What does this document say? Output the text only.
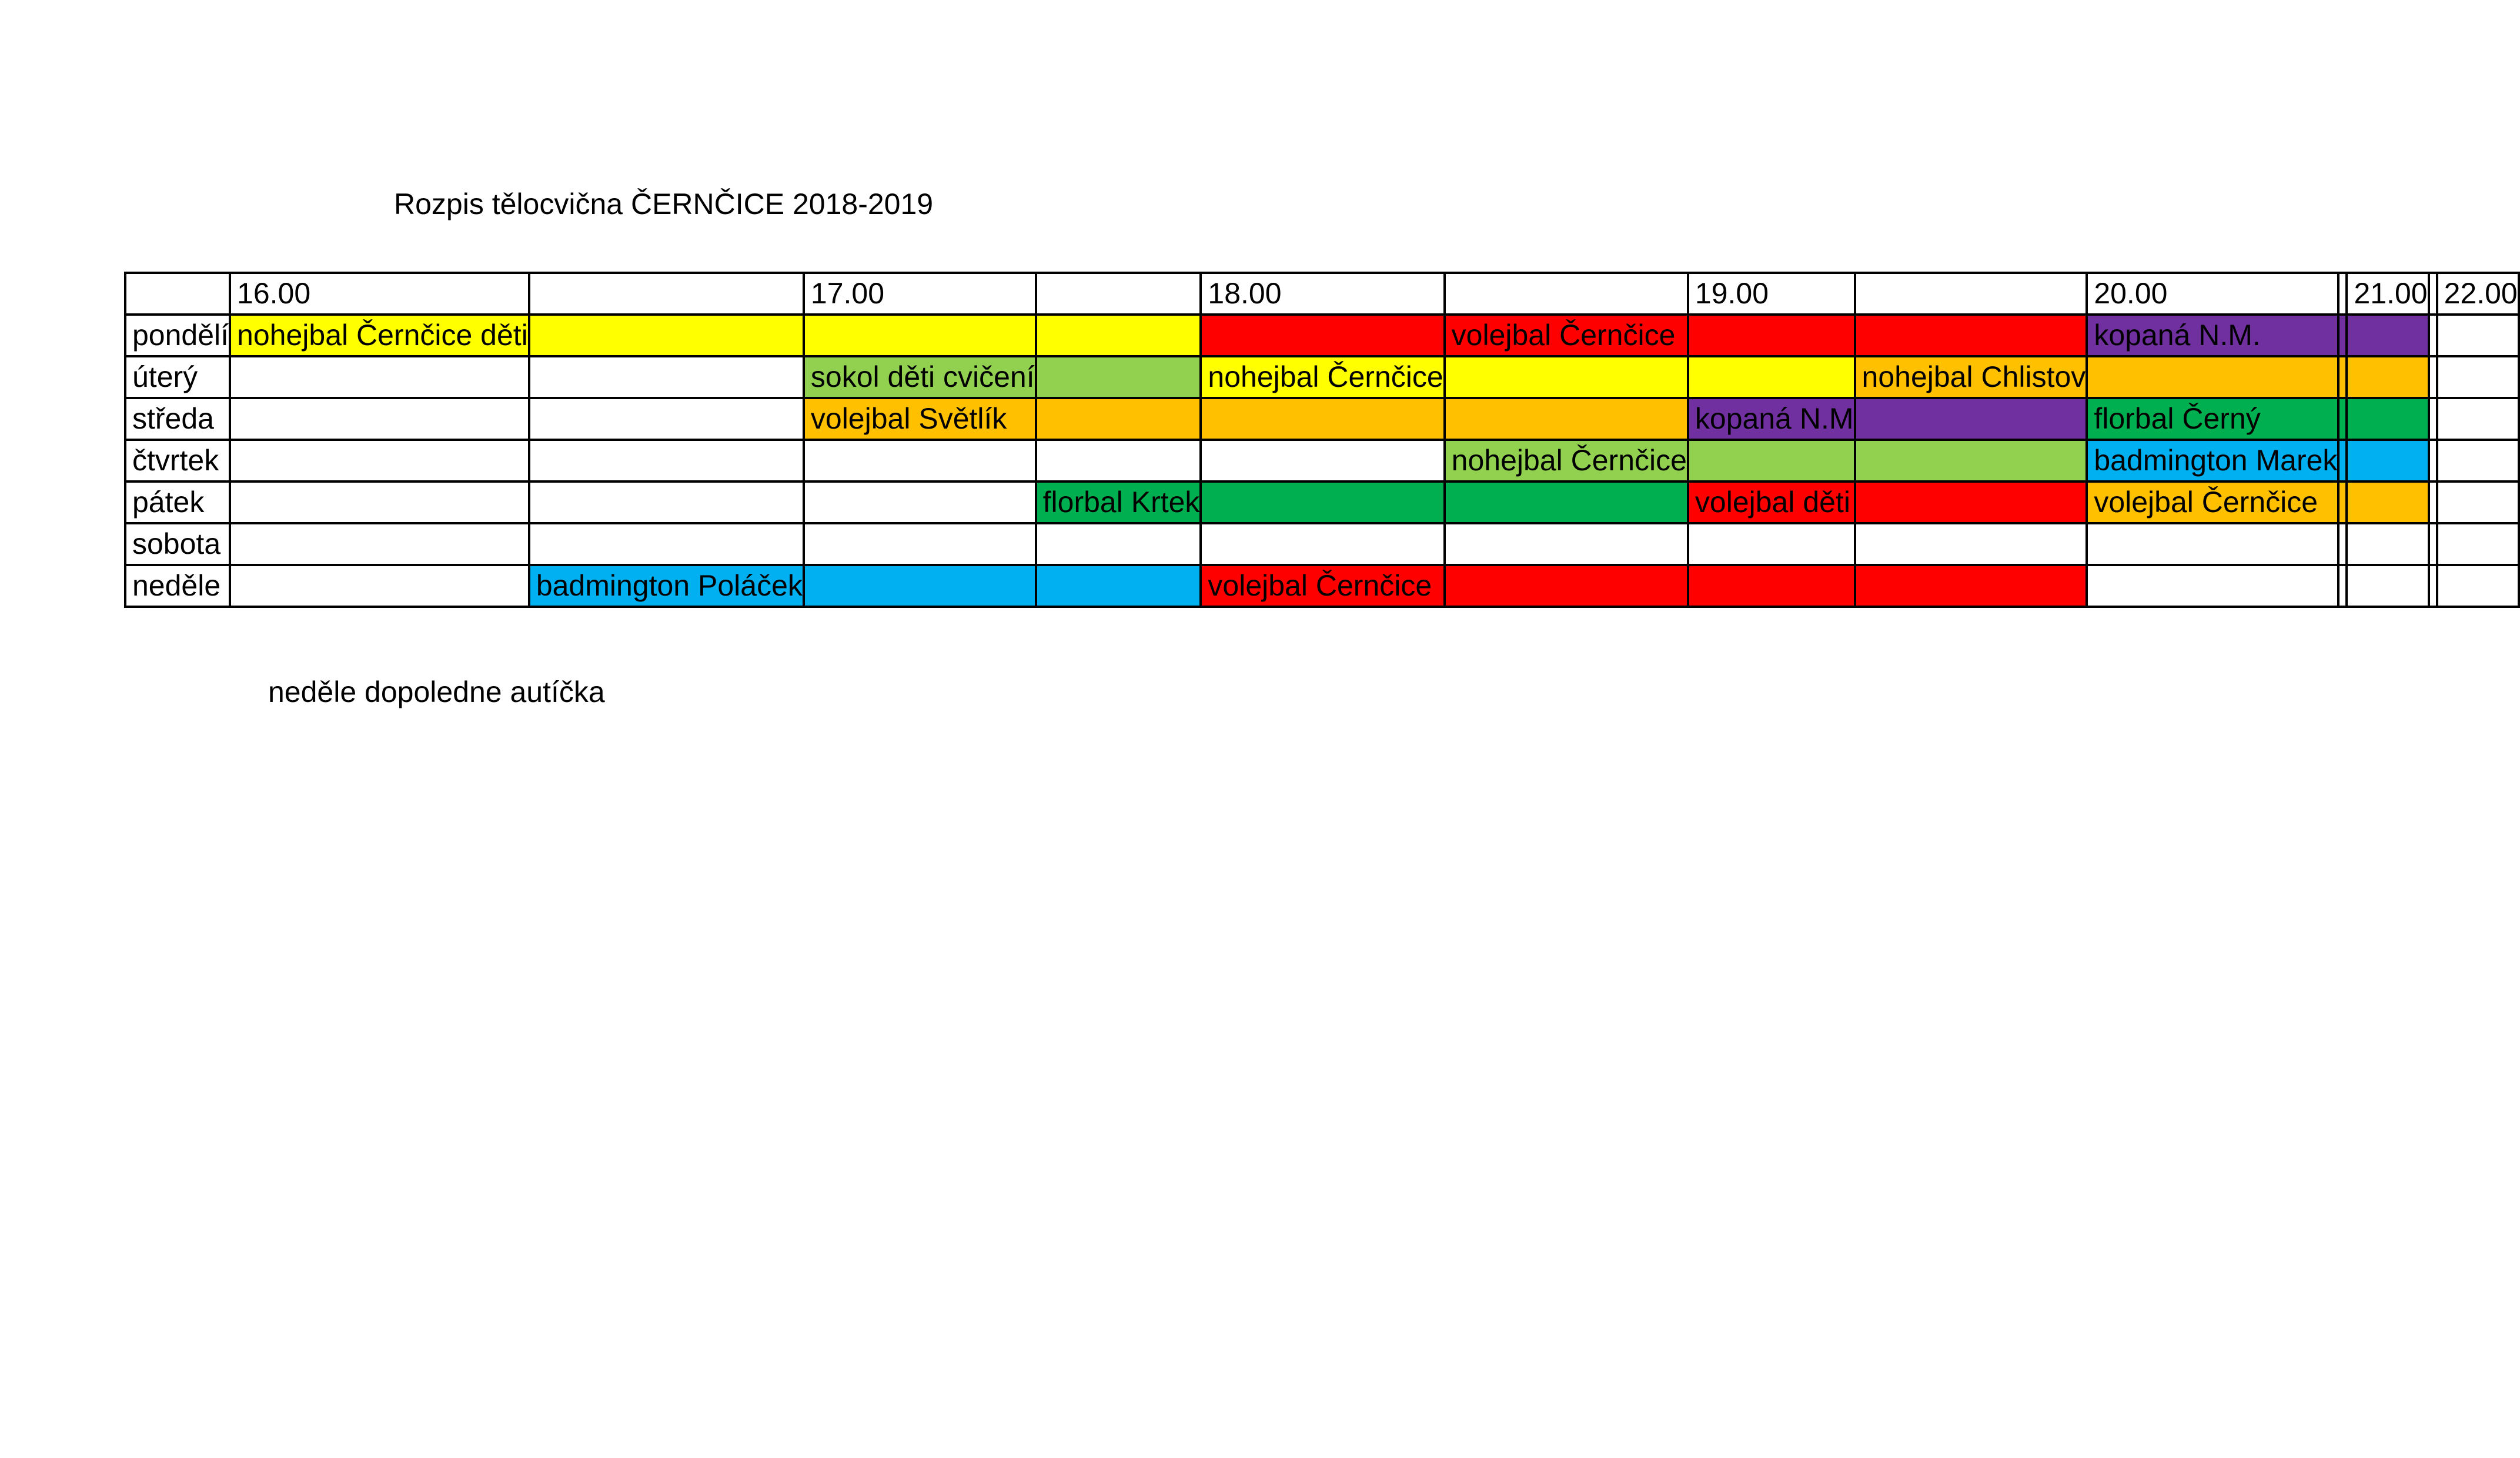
Rozpis tělocvična ČERNČICE 2018-2019
	16.00		17.00		18.00		19.00		20.00		21.00		22.00
pondělí	nohejbal Černčice děti					volejbal Černčice			kopaná N.M.				
úterý			sokol děti cvičení		nohejbal Černčice			nohejbal Chlistov					
středa			volejbal Světlík				kopaná N.M		florbal Černý				
čtvrtek						nohejbal Černčice			badmington Marek				
pátek				florbal Krtek			volejbal děti		volejbal Černčice				
sobota													
neděle		badmington Poláček			volejbal Černčice								
neděle dopoledne autíčka
